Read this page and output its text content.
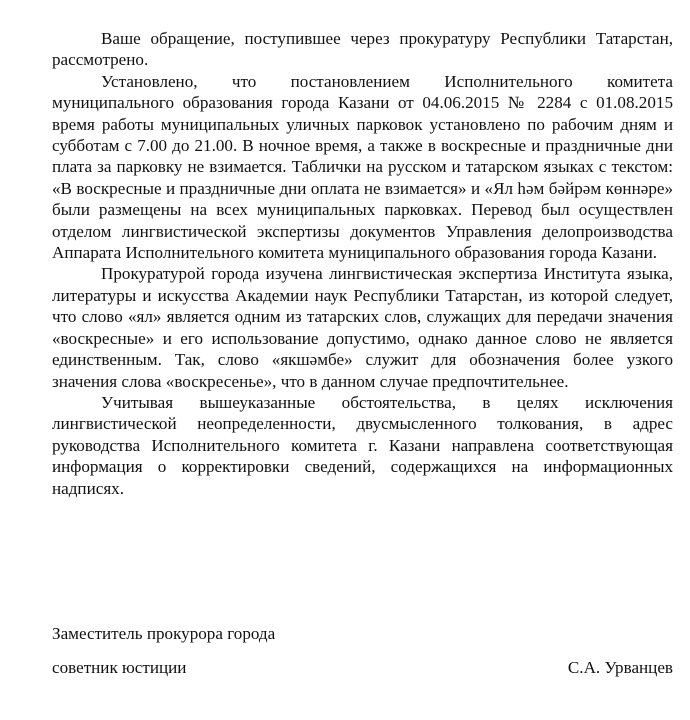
Ваше обращение, поступившее через прокуратуру Республики Татарстан, рассмотрено.

Установлено, что постановлением Исполнительного комитета муниципального образования города Казани от 04.06.2015 № 2284 с 01.08.2015 время работы муниципальных уличных парковок установлено по рабочим дням и субботам с 7.00 до 21.00. В ночное время, а также в воскресные и праздничные дни плата за парковку не взимается. Таблички на русском и татарском языках с текстом: «В воскресные и праздничные дни оплата не взимается» и «Ял һәм бәйрәм көннәре» были размещены на всех муниципальных парковках. Перевод был осуществлен отделом лингвистической экспертизы документов Управления делопроизводства Аппарата Исполнительного комитета муниципального образования города Казани.

Прокуратурой города изучена лингвистическая экспертиза Института языка, литературы и искусства Академии наук Республики Татарстан, из которой следует, что слово «ял» является одним из татарских слов, служащих для передачи значения «воскресные» и его использование допустимо, однако данное слово не является единственным. Так, слово «якшәмбе» служит для обозначения более узкого значения слова «воскресенье», что в данном случае предпочтительнее.

Учитывая вышеуказанные обстоятельства, в целях исключения лингвистической неопределенности, двусмысленного толкования, в адрес руководства Исполнительного комитета г. Казани направлена соответствующая информация о корректировки сведений, содержащихся на информационных надписях.

Заместитель прокурора города
советник юстиции	С.А. Урванцев
